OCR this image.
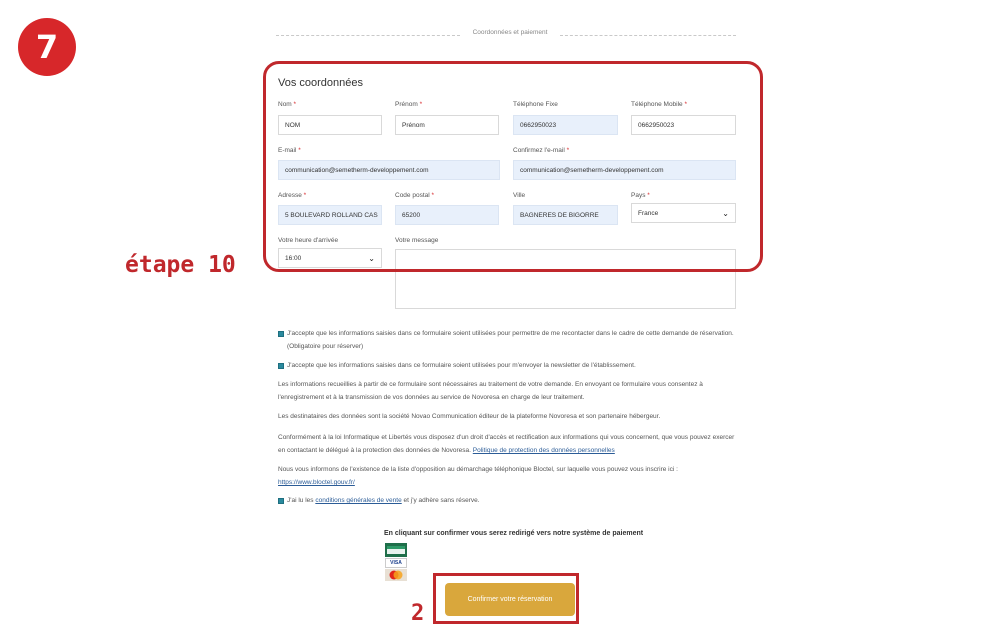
7	Coordonnées et paiement
Vos coordonnées
Nom *
NOM
Prénom *
Prénom
Téléphone Fixe
0662950023
Téléphone Mobile *
0662950023
E-mail *
communication@semetherm-developpement.com
Confirmez l'e-mail *
communication@semetherm-developpement.com
Adresse *
5 BOULEVARD ROLLAND CAS
Code postal *
65200
Ville
BAGNERES DE BIGORRE
Pays *
France	⌄
Votre heure d'arrivée
16:00	⌄
Votre message
étape 10
J'accepte que les informations saisies dans ce formulaire soient utilisées pour permettre de me recontacter dans le cadre de cette demande de réservation.
(Obligatoire pour réserver)
J'accepte que les informations saisies dans ce formulaire soient utilisées pour m'envoyer la newsletter de l'établissement.
Les informations recueillies à partir de ce formulaire sont nécessaires au traitement de votre demande. En envoyant ce formulaire vous consentez à
l'enregistrement et à la transmission de vos données au service de Novoresa en charge de leur traitement.
Les destinataires des données sont la société Novao Communication éditeur de la plateforme Novoresa et son partenaire hébergeur.
Conformément à la loi Informatique et Libertés vous disposez d'un droit d'accès et rectification aux informations qui vous concernent, que vous pouvez exercer
en contactant le délégué à la protection des données de Novoresa. Politique de protection des données personnelles
Nous vous informons de l'existence de la liste d'opposition au démarchage téléphonique Bloctel, sur laquelle vous pouvez vous inscrire ici :
https://www.bloctel.gouv.fr/
J'ai lu les conditions générales de vente et j'y adhère sans réserve.
En cliquant sur confirmer vous serez redirigé vers notre système de paiement
VISA
Confirmer votre réservation
2
